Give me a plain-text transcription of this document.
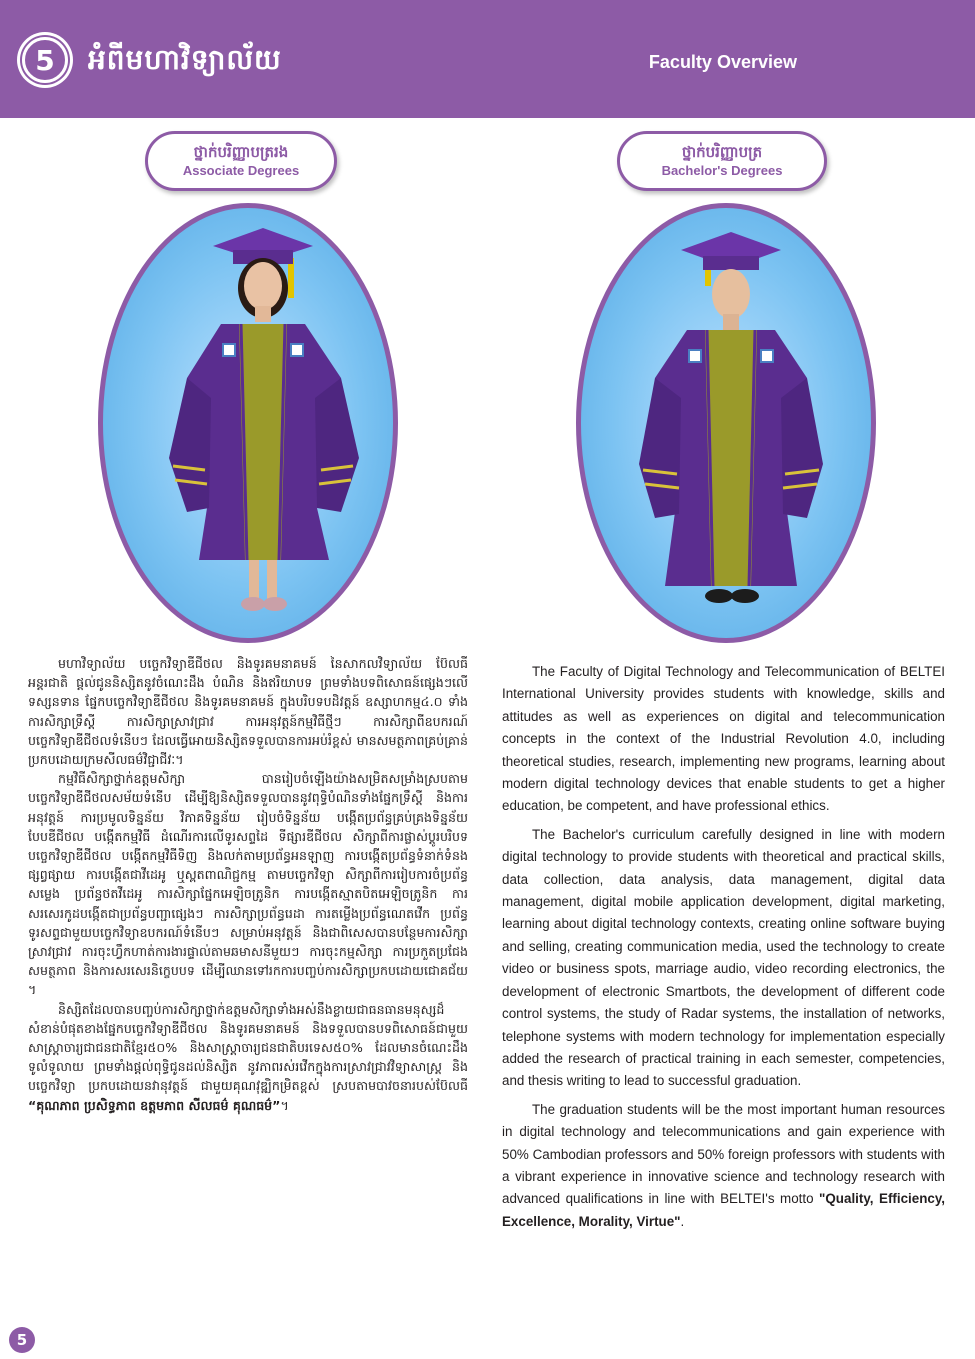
5	អំពីមហាវិទ្យាល័យ	Faculty Overview
ថ្នាក់បរិញ្ញាបត្ររង
Associate Degrees
ថ្នាក់បរិញ្ញាបត្រ
Bachelor's Degrees

មហាវិទ្យាល័យ បច្ចេកវិទ្យាឌីជីថល និងទូរគមនាគមន៍ នៃសាកលវិទ្យាល័យ ប៊ែលធី អន្តរជាតិ ផ្តល់ជូននិស្សិតនូវចំណេះដឹង បំណិន និងឥរិយាបទ ព្រមទាំងបទពិសោធន៍ផ្សេងៗលើទស្សនទាន ផ្នែកបច្ចេកវិទ្យាឌីជីថល និងទូរគមនាគមន៍ ក្នុងបរិបទបដិវត្តន៍ ឧស្សាហកម្ម៤.០ ទាំងការសិក្សាទ្រឹស្តី ការសិក្សាស្រាវជ្រាវ ការអនុវត្តន៍កម្មវិធីថ្មីៗ ការសិក្សាពីឧបករណ៍បច្ចេកវិទ្យាឌីជីថលទំនើបៗ ដែលធ្វើអោយនិស្សិតទទួលបានការអប់រំខ្ពស់ មានសមត្ថភាពគ្រប់គ្រាន់ប្រកបដោយក្រមសីលធម៌វិជ្ជាជីវៈ។

កម្មវិធីសិក្សាថ្នាក់ឧត្តមសិក្សា បានរៀបចំឡើងយ៉ាងសម្រិតសម្រាំងស្របតាមបច្ចេកវិទ្យាឌីជីថលសម័យទំនើប ដើម្បីឱ្យនិស្សិតទទួលបាននូវពុទ្ធិបំណិនទាំងផ្នែកទ្រឹស្តី និងការអនុវត្តន៍ ការប្រមូលទិន្នន័យ វិភាគទិន្នន័យ រៀបចំទិន្នន័យ បង្កើតប្រព័ន្ធគ្រប់គ្រងទិន្នន័យបែបឌីជីថល បង្កើតកម្មវិធី ដំណើរការលើទូរសព្ទដៃ ទីផ្សារឌីជីថល សិក្សាពីការផ្លាស់ប្តូរបរិបទបច្ចេកវិទ្យាឌីជីថល បង្កើតកម្មវិធីទិញ និងលក់តាមប្រព័ន្ធអនឡាញ ការបង្កើតប្រព័ន្ធទំនាក់ទំនងផ្សព្វផ្សាយ ការបង្កើតជាវីដេអូ ឬស្ពតពាណិជ្ជកម្ម តាមបច្ចេកវិទ្យា សិក្សាពីការរៀបការចំប្រព័ន្ធសម្លេង ប្រព័ន្ធថតវីដេអូ ការសិក្សាផ្នែកអេឡិចត្រូនិក ការបង្កើតស្មាតបិតអេឡិចត្រូនិក ការសរសេរកូដបង្កើតជាប្រព័ន្ធបញ្ជាផ្សេងៗ ការសិក្សាប្រព័ន្ធរេដា ការតម្លើងប្រព័ន្ធណេតវើក ប្រព័ន្ធទូរសព្ទជាមួយបច្ចេកវិទ្យាឧបករណ៍ទំនើបៗ សម្រាប់អនុវត្តន៍ និងជាពិសេសបានបន្ថែមការសិក្សាស្រាវជ្រាវ ការចុះហ្វឹកហាត់ការងារផ្ទាល់តាមឆមាសនីមួយៗ ការចុះកម្មសិក្សា ការប្រកួតប្រជែងសមត្ថភាព និងការសរសេរនិក្ខេបបទ ដើម្បីឈានទៅរកការបញ្ចប់ការសិក្សាប្រកបដោយជោគជ័យ ។

និស្សិតដែលបានបញ្ចប់ការសិក្សាថ្នាក់ឧត្តមសិក្សាទាំងអស់នឹងខ្លាយជាធនធានមនុស្សដ៏សំខាន់បំផុតខាងផ្នែកបច្ចេកវិទ្យាឌីជីថល និងទូរគមនាគមន៍ និងទទួលបានបទពិសោធន៍ជាមួយសាស្ត្រាចារ្យជាជនជាតិខ្មែរ៥០% និងសាស្ត្រាចារ្យជនជាតិបរទេស៥០% ដែលមានចំណេះដឹងទូលំទូលាយ ព្រមទាំងផ្តល់ពុទ្ធិជូនដល់និស្សិត នូវភាពរស់រវើកក្នុងការស្រាវជ្រាវវិទ្យាសាស្ត្រ និងបច្ចេកវិទ្យា ប្រកបដោយនវានុវត្តន៍ ជាមួយគុណវុឌ្ឍិកម្រិតខ្ពស់ ស្របតាមបាវចនារបស់ប៊ែលធី “គុណភាព ប្រសិទ្ធភាព ឧត្តមភាព សីលធម៌ គុណធម៌”។

The Faculty of Digital Technology and Telecommunication of BELTEI International University provides students with knowledge, skills and attitudes as well as experiences on digital and telecommunication concepts in the context of the Industrial Revolution 4.0, including theoretical studies, research, implementing new programs, learning about modern digital technology devices that enable students to get a higher education, be competent, and have professional ethics.

The Bachelor's curriculum carefully designed in line with modern digital technology to provide students with theoretical and practical skills, data collection, data analysis, data management, digital data management, digital mobile application development, digital marketing, learning about digital technology contexts, creating online software buying and selling, creating communication media, used the technology to create video or business spots, marriage audio, video recording electronics, the development of electronic Smartbots, the development of different code control systems, the study of Radar systems, the installation of networks, telephone systems with modern technology for implementation especially added the research of practical training in each semester, competencies, and thesis writing to lead to successful graduation.

The graduation students will be the most important human resources in digital technology and telecommunications and gain experience with 50% Cambodian professors and 50% foreign professors with students with a vibrant experience in innovative science and technology research with advanced qualifications in line with BELTEI's motto "Quality, Efficiency, Excellence, Morality, Virtue".

5
